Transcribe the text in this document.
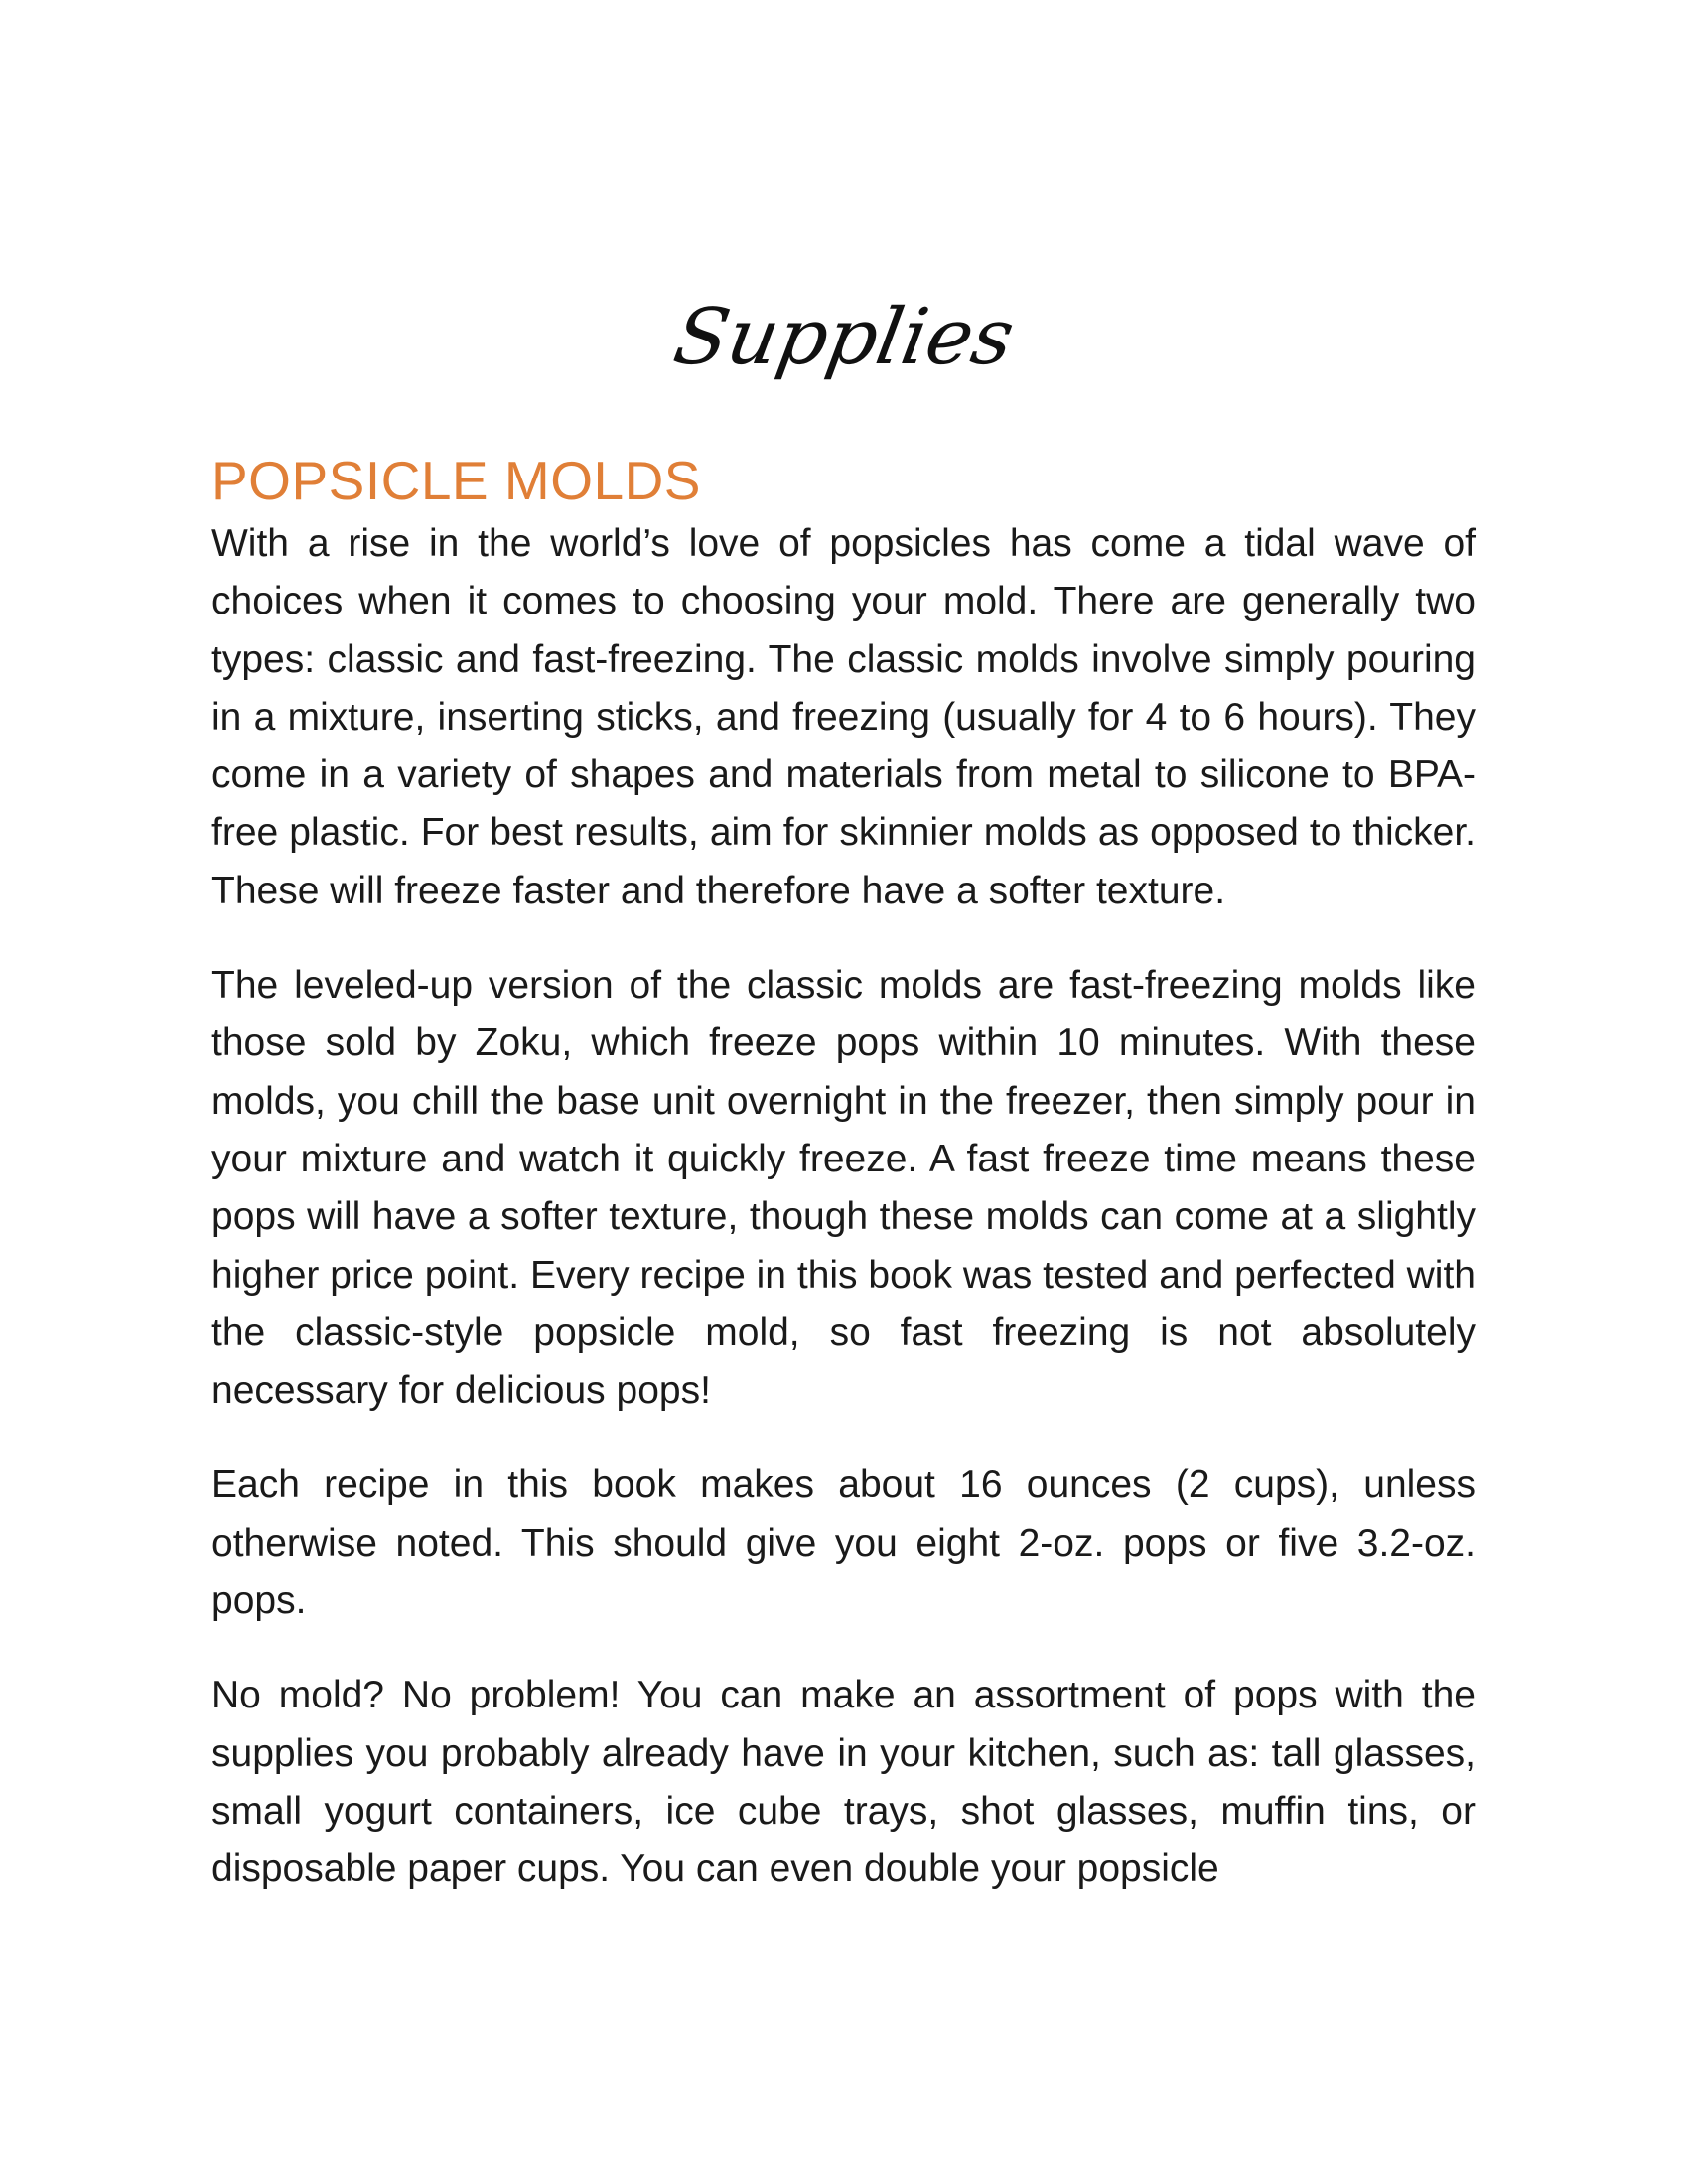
Supplies
POPSICLE MOLDS

With a rise in the world’s love of popsicles has come a tidal wave of choices when it comes to choosing your mold. There are generally two types: classic and fast-freezing. The classic molds involve simply pouring in a mixture, inserting sticks, and freezing (usually for 4 to 6 hours). They come in a variety of shapes and materials from metal to silicone to BPA-free plastic. For best results, aim for skinnier molds as opposed to thicker. These will freeze faster and therefore have a softer texture.

The leveled-up version of the classic molds are fast-freezing molds like those sold by Zoku, which freeze pops within 10 minutes. With these molds, you chill the base unit overnight in the freezer, then simply pour in your mixture and watch it quickly freeze. A fast freeze time means these pops will have a softer texture, though these molds can come at a slightly higher price point. Every recipe in this book was tested and perfected with the classic-style popsicle mold, so fast freezing is not absolutely necessary for delicious pops!

Each recipe in this book makes about 16 ounces (2 cups), unless otherwise noted. This should give you eight 2-oz. pops or five 3.2-oz. pops.

No mold? No problem! You can make an assortment of pops with the supplies you probably already have in your kitchen, such as: tall glasses, small yogurt containers, ice cube trays, shot glasses, muffin tins, or disposable paper cups. You can even double your popsicle
